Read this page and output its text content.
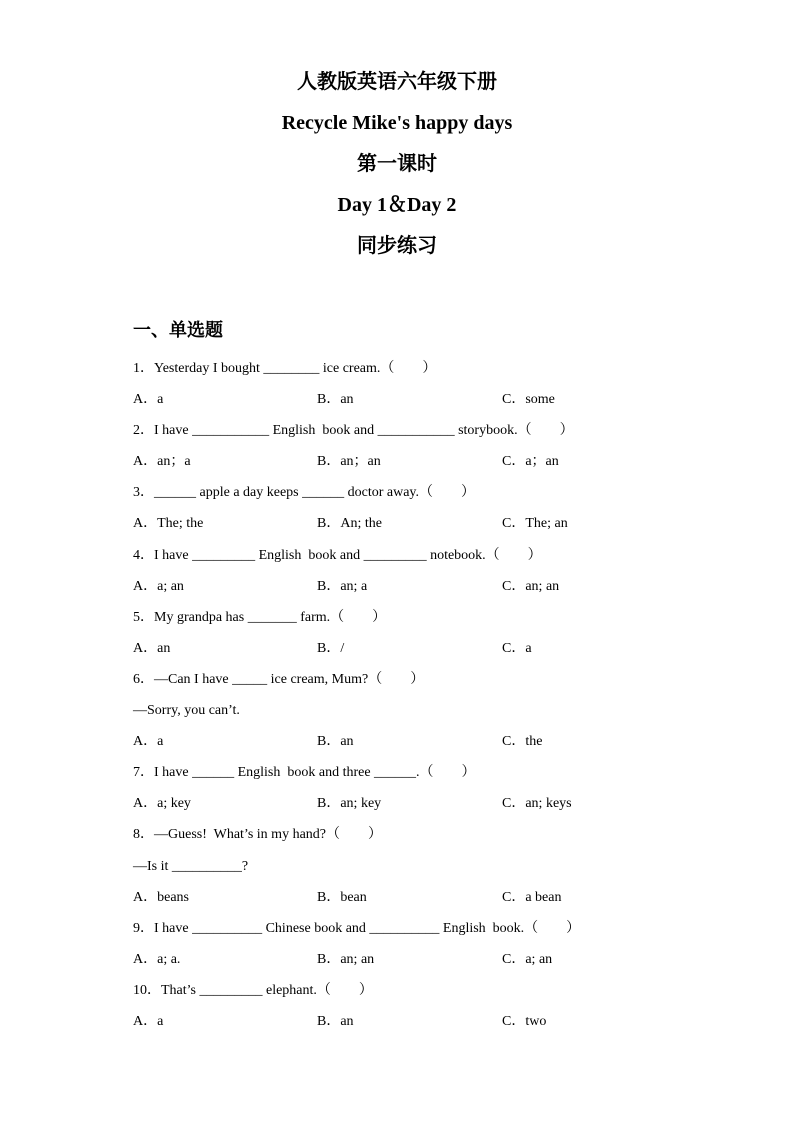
人教版英语六年级下册
Recycle Mike's happy days
第一课时
Day 1＆Day 2
同步练习
一、单选题
1．Yesterday I bought ________ ice cream.（　　）
A．a	B．an	C．some
2．I have ___________ English  book and ___________ storybook.（　　）
A．an；a	B．an；an	C．a；an
3．______ apple a day keeps ______ doctor away.（　　）
A．The; the	B．An; the	C．The; an
4．I have _________ English  book and _________ notebook.（　　）
A．a; an	B．an; a	C．an; an
5．My grandpa has _______ farm.（　　）
A．an	B．/	C．a
6．—Can I have _____ ice cream, Mum?（　　）
—Sorry, you can’t.
A．a	B．an	C．the
7．I have ______ English  book and three ______.（　　）
A．a; key	B．an; key	C．an; keys
8．—Guess!  What’s in my hand?（　　）
—Is it __________?
A．beans	B．bean	C．a bean
9．I have __________ Chinese book and __________ English  book.（　　）
A．a; a.	B．an; an	C．a; an
10．That’s _________ elephant.（　　）
A．a	B．an	C．two
